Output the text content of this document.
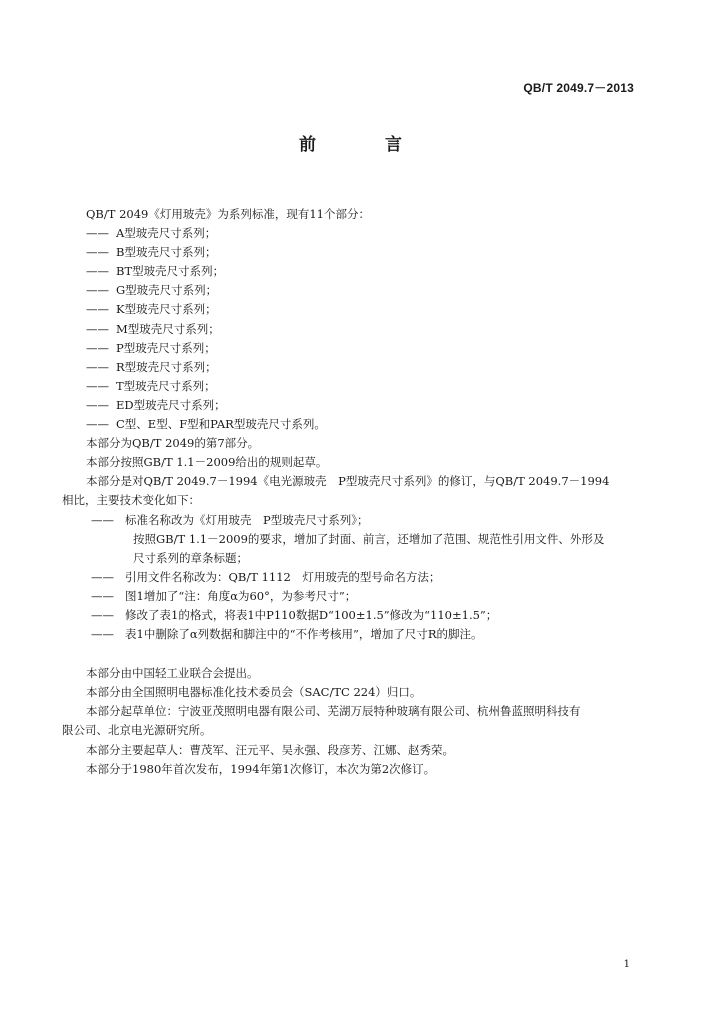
QB/T 2049.7－2013
前　言
QB/T 2049《灯用玻壳》为系列标准，现有11个部分：
—— A型玻壳尺寸系列；
—— B型玻壳尺寸系列；
—— BT型玻壳尺寸系列；
—— G型玻壳尺寸系列；
—— K型玻壳尺寸系列；
—— M型玻壳尺寸系列；
—— P型玻壳尺寸系列；
—— R型玻壳尺寸系列；
—— T型玻壳尺寸系列；
—— ED型玻壳尺寸系列；
—— C型、E型、F型和PAR型玻壳尺寸系列。
本部分为QB/T 2049的第7部分。
本部分按照GB/T 1.1－2009给出的规则起草。
本部分是对QB/T 2049.7－1994《电光源玻壳　P型玻壳尺寸系列》的修订，与QB/T 2049.7－1994
相比，主要技术变化如下：
—— 标准名称改为《灯用玻壳　P型玻壳尺寸系列》；
按照GB/T 1.1－2009的要求，增加了封面、前言，还增加了范围、规范性引用文件、外形及
尺寸系列的章条标题；
—— 引用文件名称改为：QB/T 1112　灯用玻壳的型号命名方法；
—— 图1增加了“注：角度α为60°，为参考尺寸”；
—— 修改了表1的格式，将表1中P110数据D“100±1.5”修改为“110±1.5”；
—— 表1中删除了α列数据和脚注中的“不作考核用”，增加了尺寸R的脚注。
本部分由中国轻工业联合会提出。
本部分由全国照明电器标准化技术委员会（SAC/TC 224）归口。
本部分起草单位：宁波亚茂照明电器有限公司、芜湖万辰特种玻璃有限公司、杭州鲁蓝照明科技有
限公司、北京电光源研究所。
本部分主要起草人：曹茂军、汪元平、吴永强、段彦芳、江娜、赵秀荣。
本部分于1980年首次发布，1994年第1次修订，本次为第2次修订。
1
